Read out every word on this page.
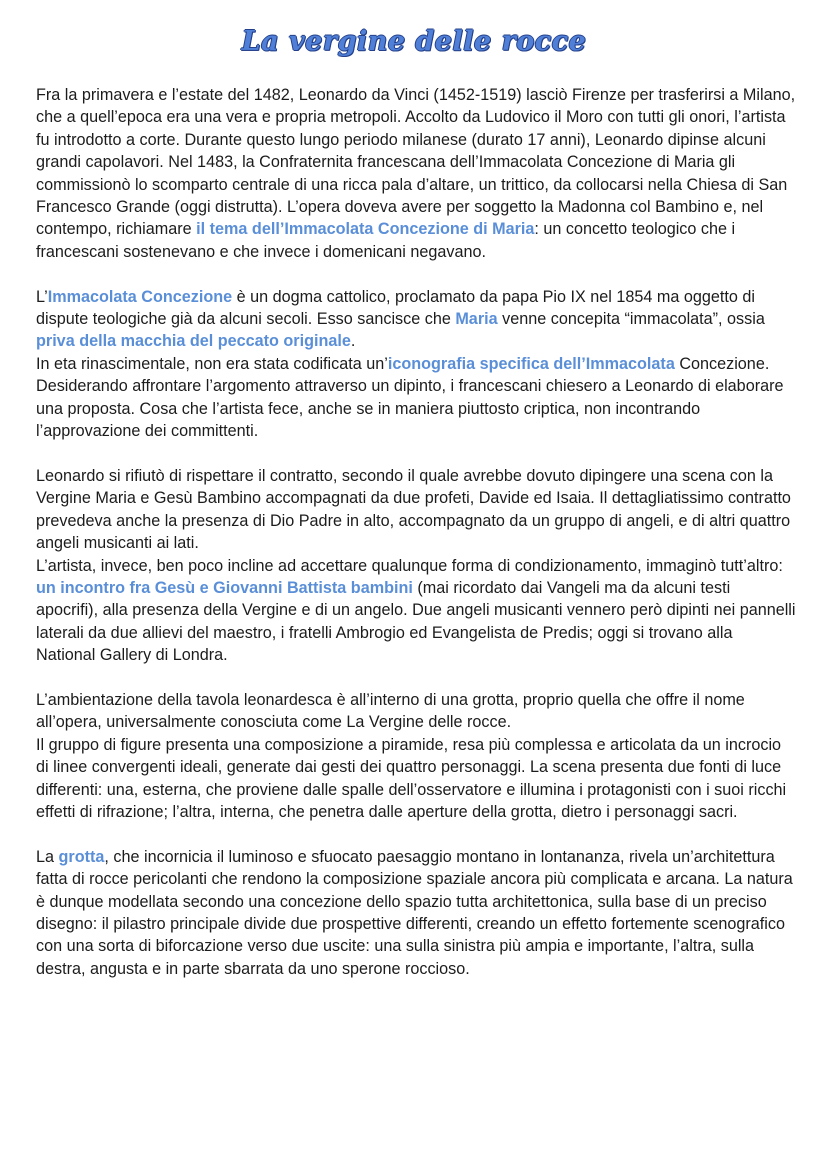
La vergine delle rocce

Fra la primavera e l’estate del 1482, Leonardo da Vinci (1452-1519) lasciò Firenze per trasferirsi a Milano, che a quell’epoca era una vera e propria metropoli. Accolto da Ludovico il Moro con tutti gli onori, l’artista fu introdotto a corte. Durante questo lungo periodo milanese (durato 17 anni), Leonardo dipinse alcuni grandi capolavori. Nel 1483, la Confraternita francescana dell’Immacolata Concezione di Maria gli commissionò lo scomparto centrale di una ricca pala d’altare, un trittico, da collocarsi nella Chiesa di San Francesco Grande (oggi distrutta). L’opera doveva avere per soggetto la Madonna col Bambino e, nel contempo, richiamare il tema dell’Immacolata Concezione di Maria: un concetto teologico che i francescani sostenevano e che invece i domenicani negavano.

L’Immacolata Concezione è un dogma cattolico, proclamato da papa Pio IX nel 1854 ma oggetto di dispute teologiche già da alcuni secoli. Esso sancisce che Maria venne concepita “immacolata”, ossia priva della macchia del peccato originale.
In eta rinascimentale, non era stata codificata un’iconografia specifica dell’Immacolata Concezione. Desiderando affrontare l’argomento attraverso un dipinto, i francescani chiesero a Leonardo di elaborare una proposta. Cosa che l’artista fece, anche se in maniera piuttosto criptica, non incontrando l’approvazione dei committenti.

Leonardo si rifiutò di rispettare il contratto, secondo il quale avrebbe dovuto dipingere una scena con la Vergine Maria e Gesù Bambino accompagnati da due profeti, Davide ed Isaia. Il dettagliatissimo contratto prevedeva anche la presenza di Dio Padre in alto, accompagnato da un gruppo di angeli, e di altri quattro angeli musicanti ai lati.
L’artista, invece, ben poco incline ad accettare qualunque forma di condizionamento, immaginò tutt’altro: un incontro fra Gesù e Giovanni Battista bambini (mai ricordato dai Vangeli ma da alcuni testi apocrifi), alla presenza della Vergine e di un angelo. Due angeli musicanti vennero però dipinti nei pannelli laterali da due allievi del maestro, i fratelli Ambrogio ed Evangelista de Predis; oggi si trovano alla National Gallery di Londra.

L’ambientazione della tavola leonardesca è all’interno di una grotta, proprio quella che offre il nome all’opera, universalmente conosciuta come La Vergine delle rocce.
Il gruppo di figure presenta una composizione a piramide, resa più complessa e articolata da un incrocio di linee convergenti ideali, generate dai gesti dei quattro personaggi. La scena presenta due fonti di luce differenti: una, esterna, che proviene dalle spalle dell’osservatore e illumina i protagonisti con i suoi ricchi effetti di rifrazione; l’altra, interna, che penetra dalle aperture della grotta, dietro i personaggi sacri.

La grotta, che incornicia il luminoso e sfuocato paesaggio montano in lontananza, rivela un’architettura fatta di rocce pericolanti che rendono la composizione spaziale ancora più complicata e arcana. La natura è dunque modellata secondo una concezione dello spazio tutta architettonica, sulla base di un preciso disegno: il pilastro principale divide due prospettive differenti, creando un effetto fortemente scenografico con una sorta di biforcazione verso due uscite: una sulla sinistra più ampia e importante, l’altra, sulla destra, angusta e in parte sbarrata da uno sperone roccioso.
